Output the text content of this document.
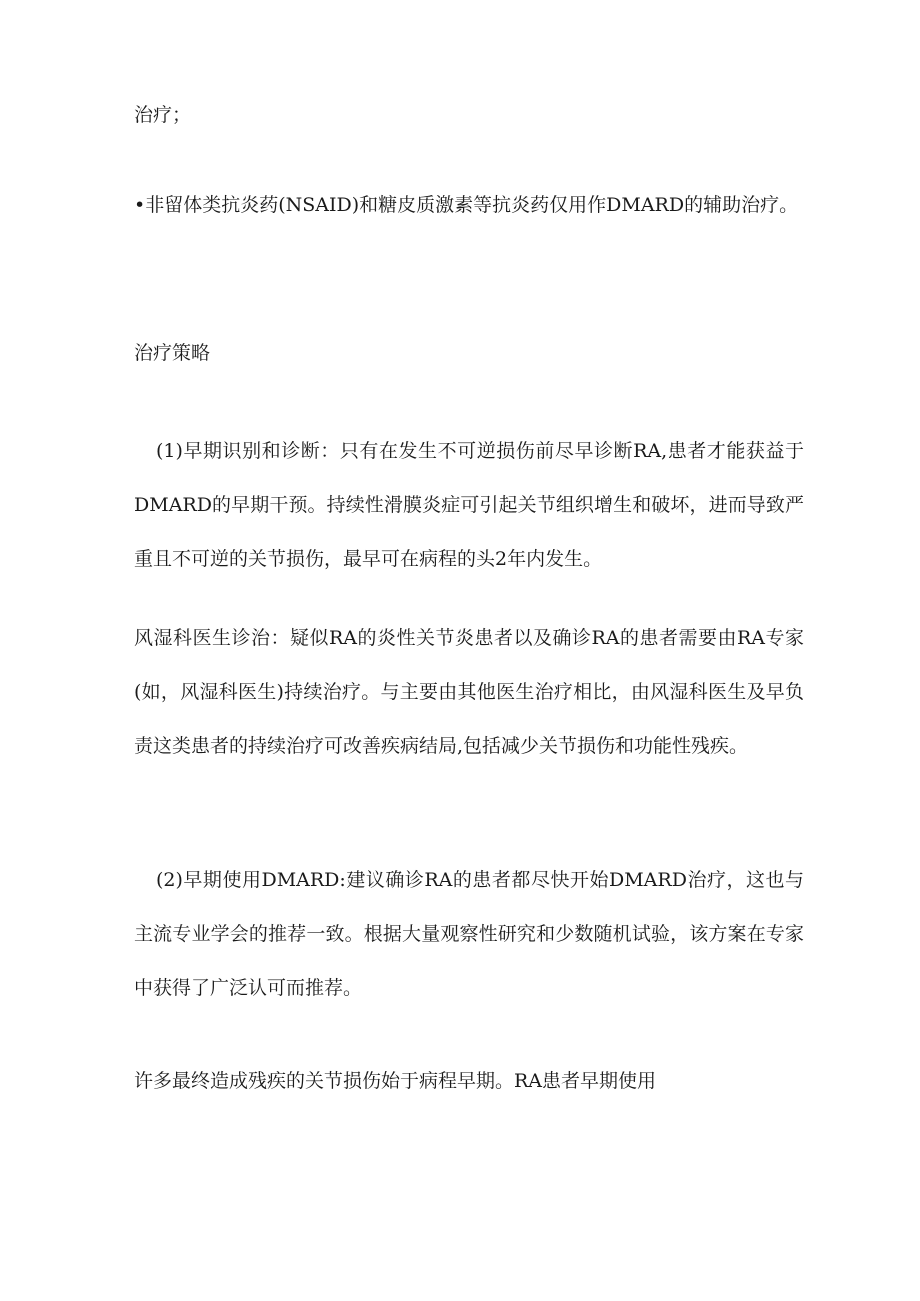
治疗；

•非留体类抗炎药(NSAID)和糖皮质激素等抗炎药仅用作DMARD的辅助治疗。

治疗策略

(1)早期识别和诊断：只有在发生不可逆损伤前尽早诊断RA,患者才能获益于DMARD的早期干预。持续性滑膜炎症可引起关节组织增生和破坏，进而导致严重且不可逆的关节损伤，最早可在病程的头2年内发生。

风湿科医生诊治：疑似RA的炎性关节炎患者以及确诊RA的患者需要由RA专家(如，风湿科医生)持续治疗。与主要由其他医生治疗相比，由风湿科医生及早负责这类患者的持续治疗可改善疾病结局,包括减少关节损伤和功能性残疾。

(2)早期使用DMARD:建议确诊RA的患者都尽快开始DMARD治疗，这也与主流专业学会的推荐一致。根据大量观察性研究和少数随机试验，该方案在专家中获得了广泛认可而推荐。

许多最终造成残疾的关节损伤始于病程早期。RA患者早期使用
